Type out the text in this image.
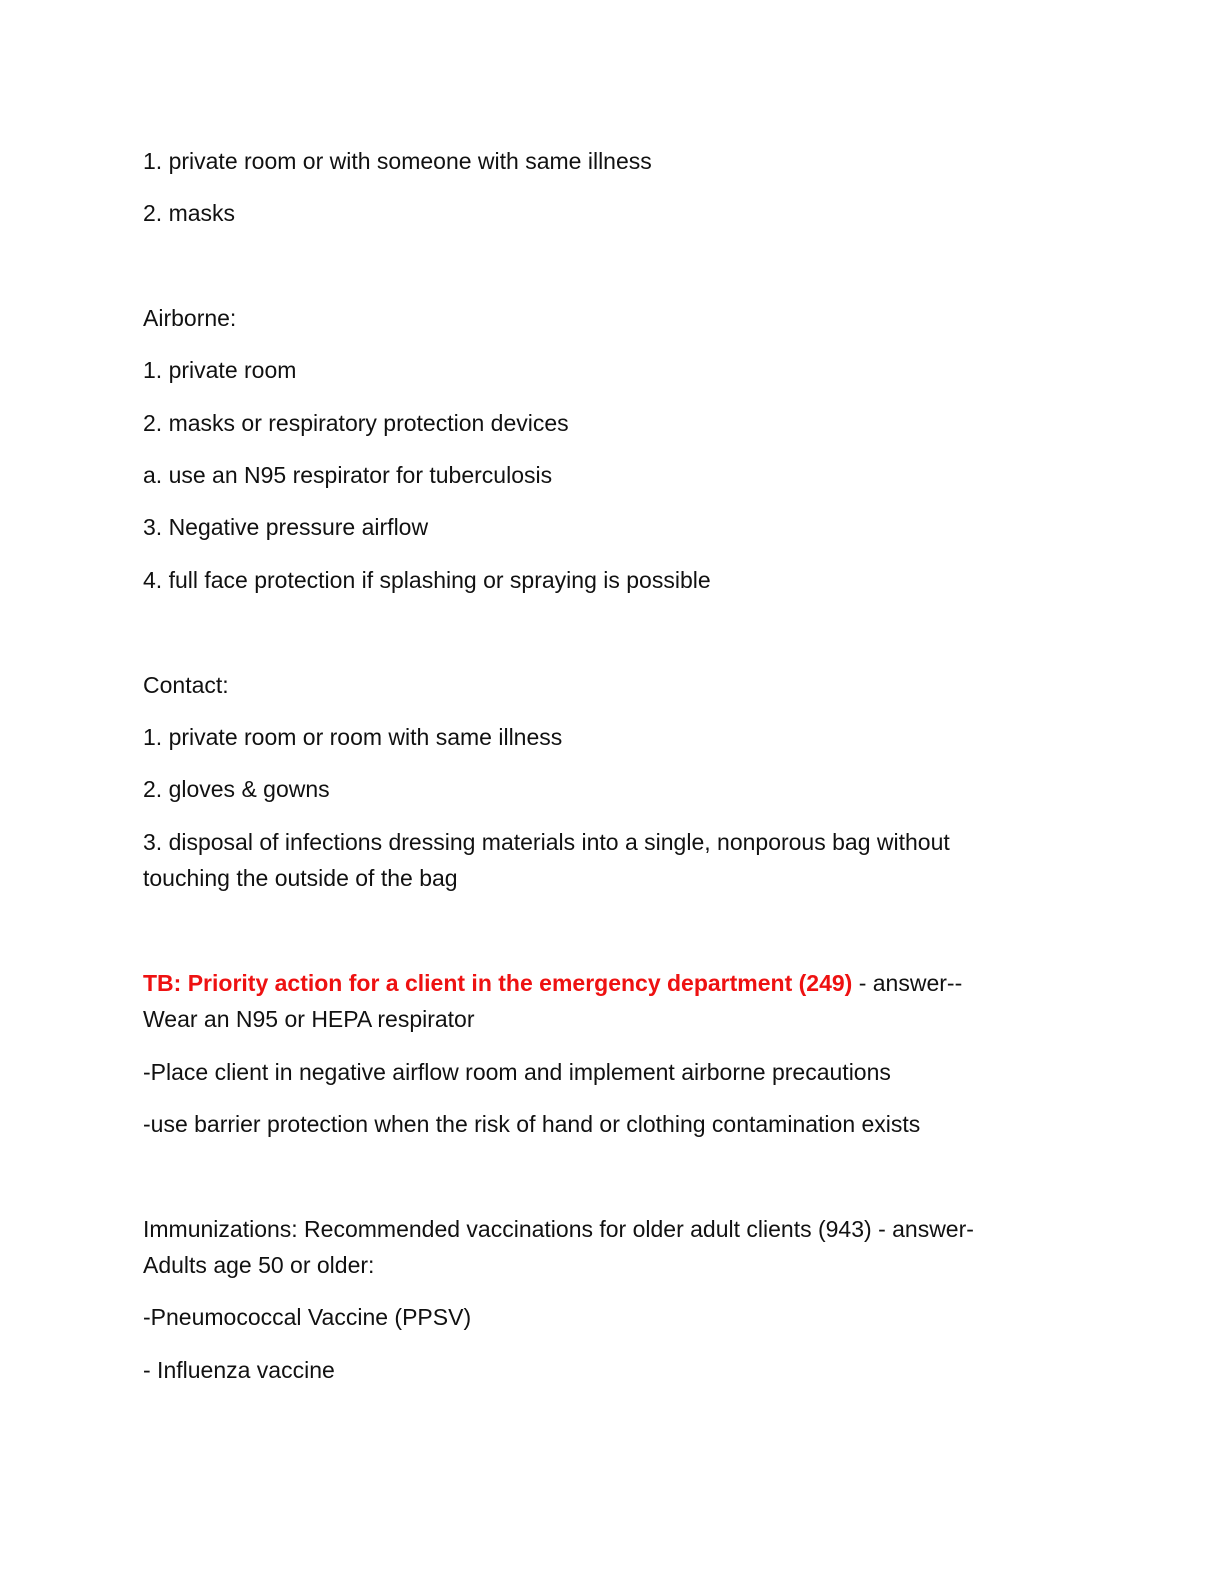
1. private room or with someone with same illness
2. masks
Airborne:
1. private room
2. masks or respiratory protection devices
a. use an N95 respirator for tuberculosis
3. Negative pressure airflow
4. full face protection if splashing or spraying is possible
Contact:
1. private room or room with same illness
2. gloves & gowns
3. disposal of infections dressing materials into a single, nonporous bag without
touching the outside of the bag
TB: Priority action for a client in the emergency department (249) - answer--
Wear an N95 or HEPA respirator
-Place client in negative airflow room and implement airborne precautions
-use barrier protection when the risk of hand or clothing contamination exists
Immunizations: Recommended vaccinations for older adult clients (943) - answer-
Adults age 50 or older:
-Pneumococcal Vaccine (PPSV)
- Influenza vaccine
